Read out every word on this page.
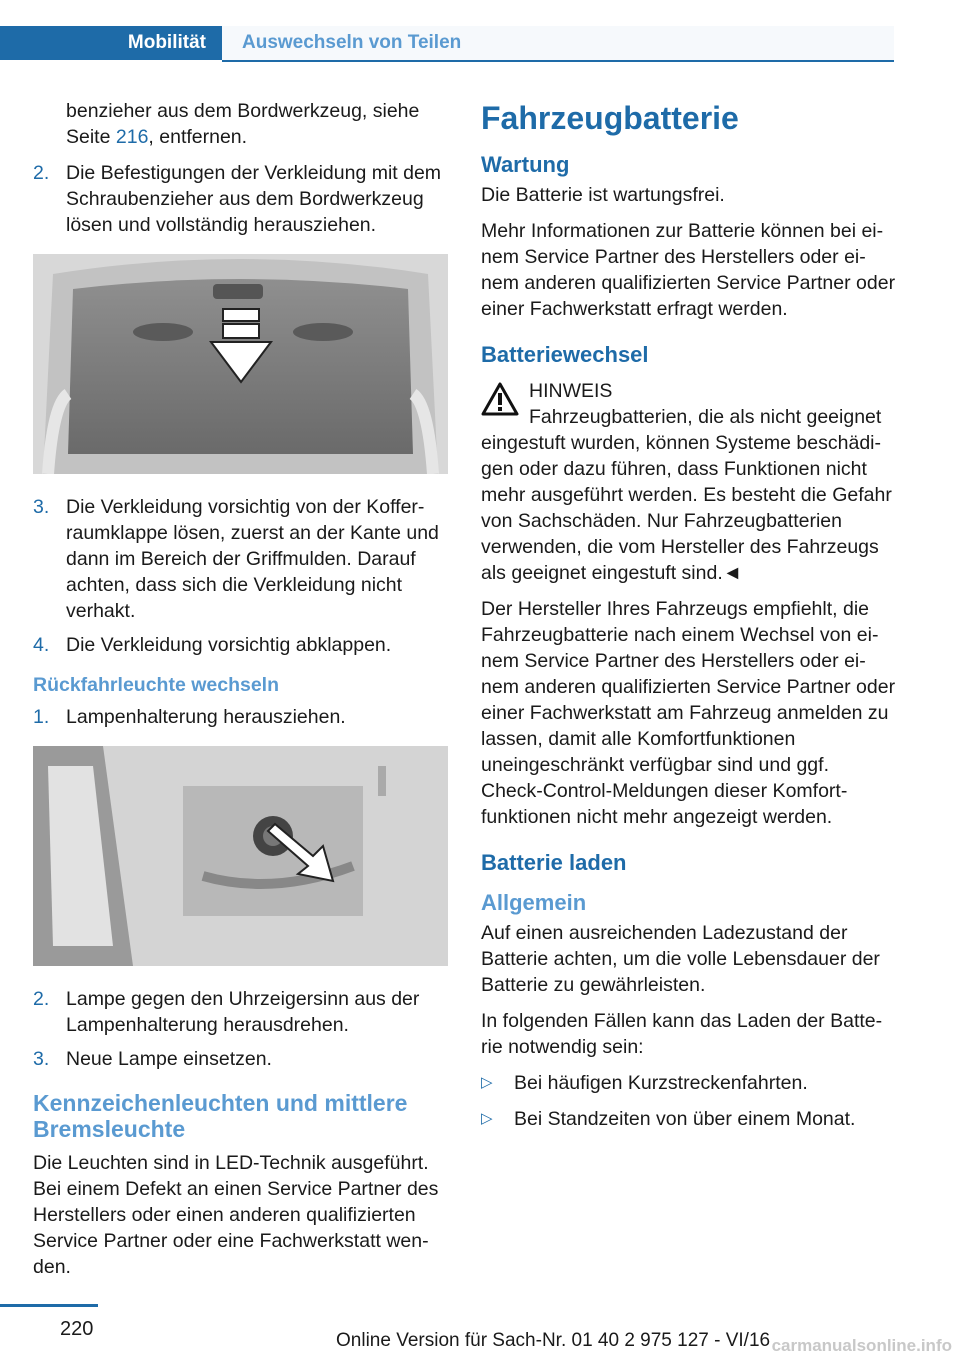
Mobilität	Auswechseln von Teilen

benzieher aus dem Bordwerkzeug, siehe Seite 216, entfernen.

2. Die Befestigungen der Verkleidung mit dem Schraubenzieher aus dem Bordwerkzeug lösen und vollständig herausziehen.
3. Die Verkleidung vorsichtig von der Kofferraumklappe lösen, zuerst an der Kante und dann im Bereich der Griffmulden. Darauf achten, dass sich die Verkleidung nicht verhakt.
4. Die Verkleidung vorsichtig abklappen.
Rückfahrleuchte wechseln
1. Lampenhalterung herausziehen.
2. Lampe gegen den Uhrzeigersinn aus der Lampenhalterung herausdrehen.
3. Neue Lampe einsetzen.
Kennzeichenleuchten und mittlere Bremsleuchte

Die Leuchten sind in LED-Technik ausgeführt. Bei einem Defekt an einen Service Partner des Herstellers oder einen anderen qualifizierten Service Partner oder eine Fachwerkstatt wenden.

Fahrzeugbatterie
Wartung

Die Batterie ist wartungsfrei.

Mehr Informationen zur Batterie können bei einem Service Partner des Herstellers oder einem anderen qualifizierten Service Partner oder einer Fachwerkstatt erfragt werden.

Batteriewechsel
HINWEIS

Fahrzeugbatterien, die als nicht geeignet eingestuft wurden, können Systeme beschädigen oder dazu führen, dass Funktionen nicht mehr ausgeführt werden. Es besteht die Gefahr von Sachschäden. Nur Fahrzeugbatterien verwenden, die vom Hersteller des Fahrzeugs als geeignet eingestuft sind.◄

Der Hersteller Ihres Fahrzeugs empfiehlt, die Fahrzeugbatterie nach einem Wechsel von einem Service Partner des Herstellers oder einem anderen qualifizierten Service Partner oder einer Fachwerkstatt am Fahrzeug anmelden zu lassen, damit alle Komfortfunktionen uneingeschränkt verfügbar sind und ggf. Check-Control-Meldungen dieser Komfortfunktionen nicht mehr angezeigt werden.

Batterie laden
Allgemein

Auf einen ausreichenden Ladezustand der Batterie achten, um die volle Lebensdauer der Batterie zu gewährleisten.

In folgenden Fällen kann das Laden der Batterie notwendig sein:

▷ Bei häufigen Kurzstreckenfahrten.
▷ Bei Standzeiten von über einem Monat.
220
Online Version für Sach-Nr. 01 40 2 975 127 - VI/16 carmanualsonline.info
